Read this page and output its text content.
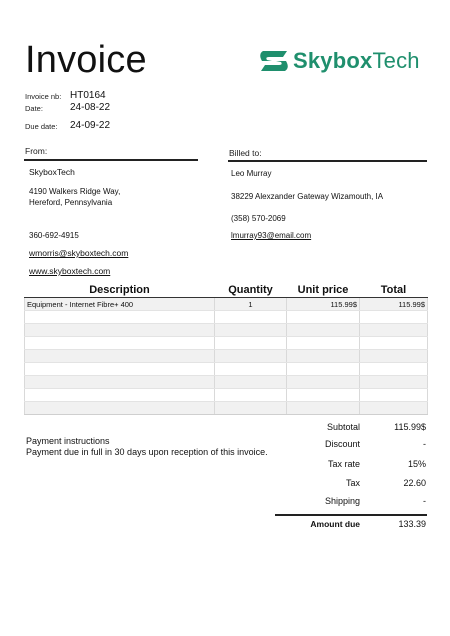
Invoice	SkyboxTech
Invoice nb: HT0164
Date:	24-08-22
Due date: 24-09-22
From:	Billed to:
SkyboxTech
4190 Walkers Ridge Way,
Hereford, Pennsylvania
360-692-4915
wmorris@skyboxtech.com
www.skyboxtech.com
Leo Murray
38229 Alexzander Gateway Wizamouth, IA
(358) 570-2069
lmurray93@email.com
Description	Quantity	Unit price	Total
Equipment - Internet Fibre+ 400	1	115.99$	115.99$

Payment instructions
Payment due in full in 30 days upon reception of this invoice.
Subtotal	115.99$
Discount	-
Tax rate	15%
Tax	22.60
Shipping	-
Amount due	133.39
